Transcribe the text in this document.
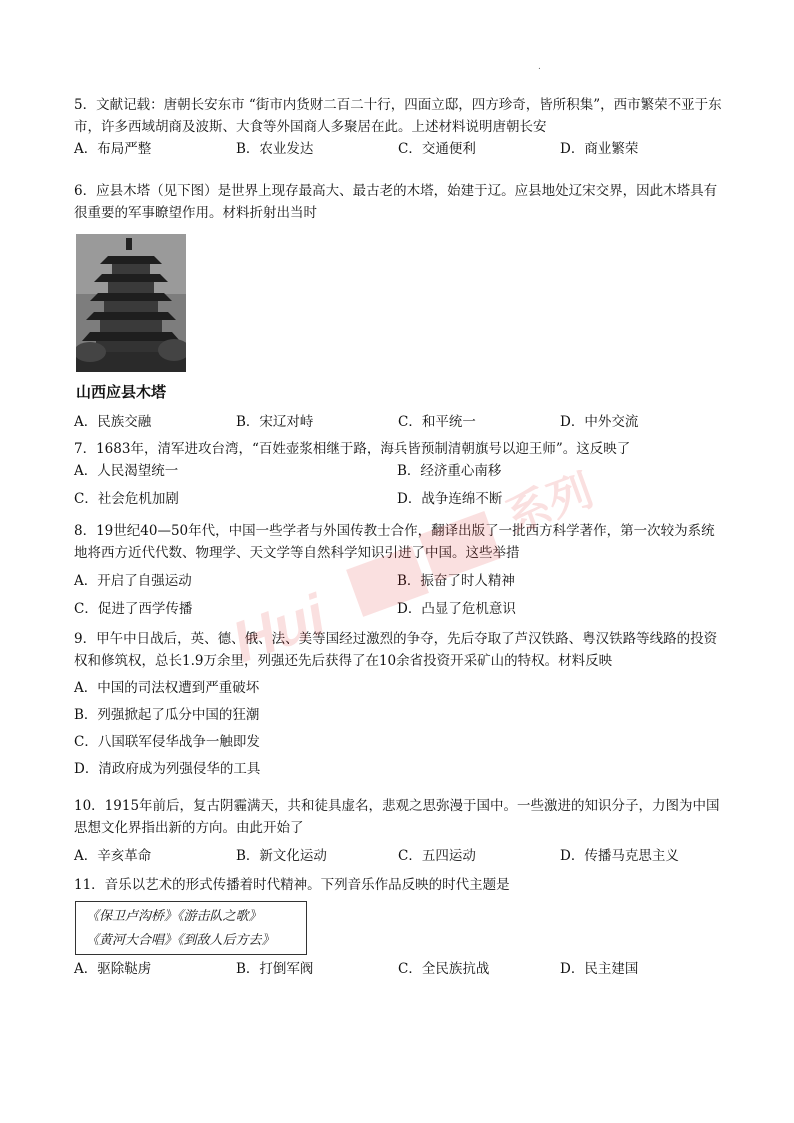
.

5．文献记载：唐朝长安东市 “街市内货财二百二十行，四面立邸，四方珍奇，皆所积集”，西市繁荣不亚于东市，许多西域胡商及波斯、大食等外国商人多聚居在此。上述材料说明唐朝长安

A．布局严整	B．农业发达	C．交通便利	D．商业繁荣

6．应县木塔（见下图）是世界上现存最高大、最古老的木塔，始建于辽。应县地处辽宋交界，因此木塔具有很重要的军事瞭望作用。材料折射出当时

山西应县木塔
A．民族交融	B．宋辽对峙	C．和平统一	D．中外交流

7．1683年，清军进攻台湾，“百姓壶浆相继于路，海兵皆预制清朝旗号以迎王师”。这反映了

A．人民渴望统一	B．经济重心南移
C．社会危机加剧	D．战争连绵不断

8．19世纪40—50年代，中国一些学者与外国传教士合作，翻译出版了一批西方科学著作，第一次较为系统地将西方近代代数、物理学、天文学等自然科学知识引进了中国。这些举措

A．开启了自强运动	B．振奋了时人精神
C．促进了西学传播	D．凸显了危机意识

9．甲午中日战后，英、德、俄、法、美等国经过激烈的争夺，先后夺取了芦汉铁路、粤汉铁路等线路的投资权和修筑权，总长1.9万余里，列强还先后获得了在10余省投资开采矿山的特权。材料反映

A．中国的司法权遭到严重破坏
B．列强掀起了瓜分中国的狂潮
C．八国联军侵华战争一触即发
D．清政府成为列强侵华的工具

10．1915年前后，复古阴霾满天，共和徒具虚名，悲观之思弥漫于国中。一些激进的知识分子，力图为中国思想文化界指出新的方向。由此开始了

A．辛亥革命	B．新文化运动	C．五四运动	D．传播马克思主义

11．音乐以艺术的形式传播着时代精神。下列音乐作品反映的时代主题是

《保卫卢沟桥》《游击队之歌》
《黄河大合唱》《到敌人后方去》
A．驱除鞑虏	B．打倒军阀	C．全民族抗战	D．民主建国
Hui
系列
